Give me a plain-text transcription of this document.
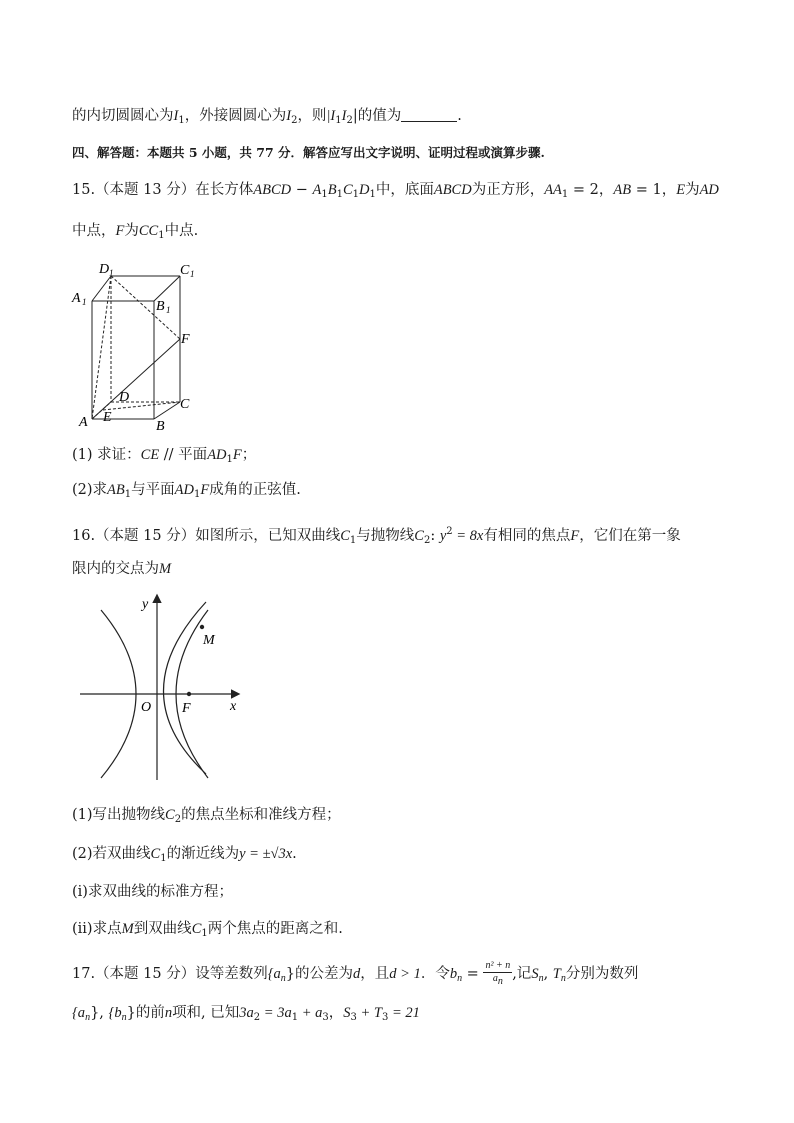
的内切圆圆心为$I_1$，外接圆圆心为$I_2$，则$|I_1I_2|$的值为	.
四、解答题：本题共 5 小题，共 77 分．解答应写出文字说明、证明过程或演算步骤.
15.（本题 13 分）在长方体ABCD − $A_1B_1C_1D_1$中，底面ABCD为正方形，$AA_1 = 2$，AB = 1，E为AD
中点，F为$CC_1$中点.
D 1	C 1
A 1	B 1
F
D	C
A E
B
(1) 求证：CE // 平面$AD_1F$；
(2)求$AB_1$与平面$AD_1F$成角的正弦值.
16.（本题 15 分）如图所示，已知双曲线$C_1$与抛物线$C_2$: $y^2 = 8x$有相同的焦点F，它们在第一象
限内的交点为M
y
x
M
O F
(1)写出抛物线$C_2$的焦点坐标和准线方程；
(2)若双曲线$C_1$的渐近线为y = ±√3x.
(i)求双曲线的标准方程；
(ii)求点M到双曲线$C_1$两个焦点的距离之和.
17.（本题 15 分）设等差数列$\{a_n\}$的公差为d，且d > 1．令$b_n = \frac{\text{n² + n}}{an}$ ,记$S_n$, $T_n$分别为数列
$\{a_n\}$, $\{b_n\}$的前n项和, 已知$3a_2 = 3a_1 + a_3$，$S_3 + T_3 = 21$
